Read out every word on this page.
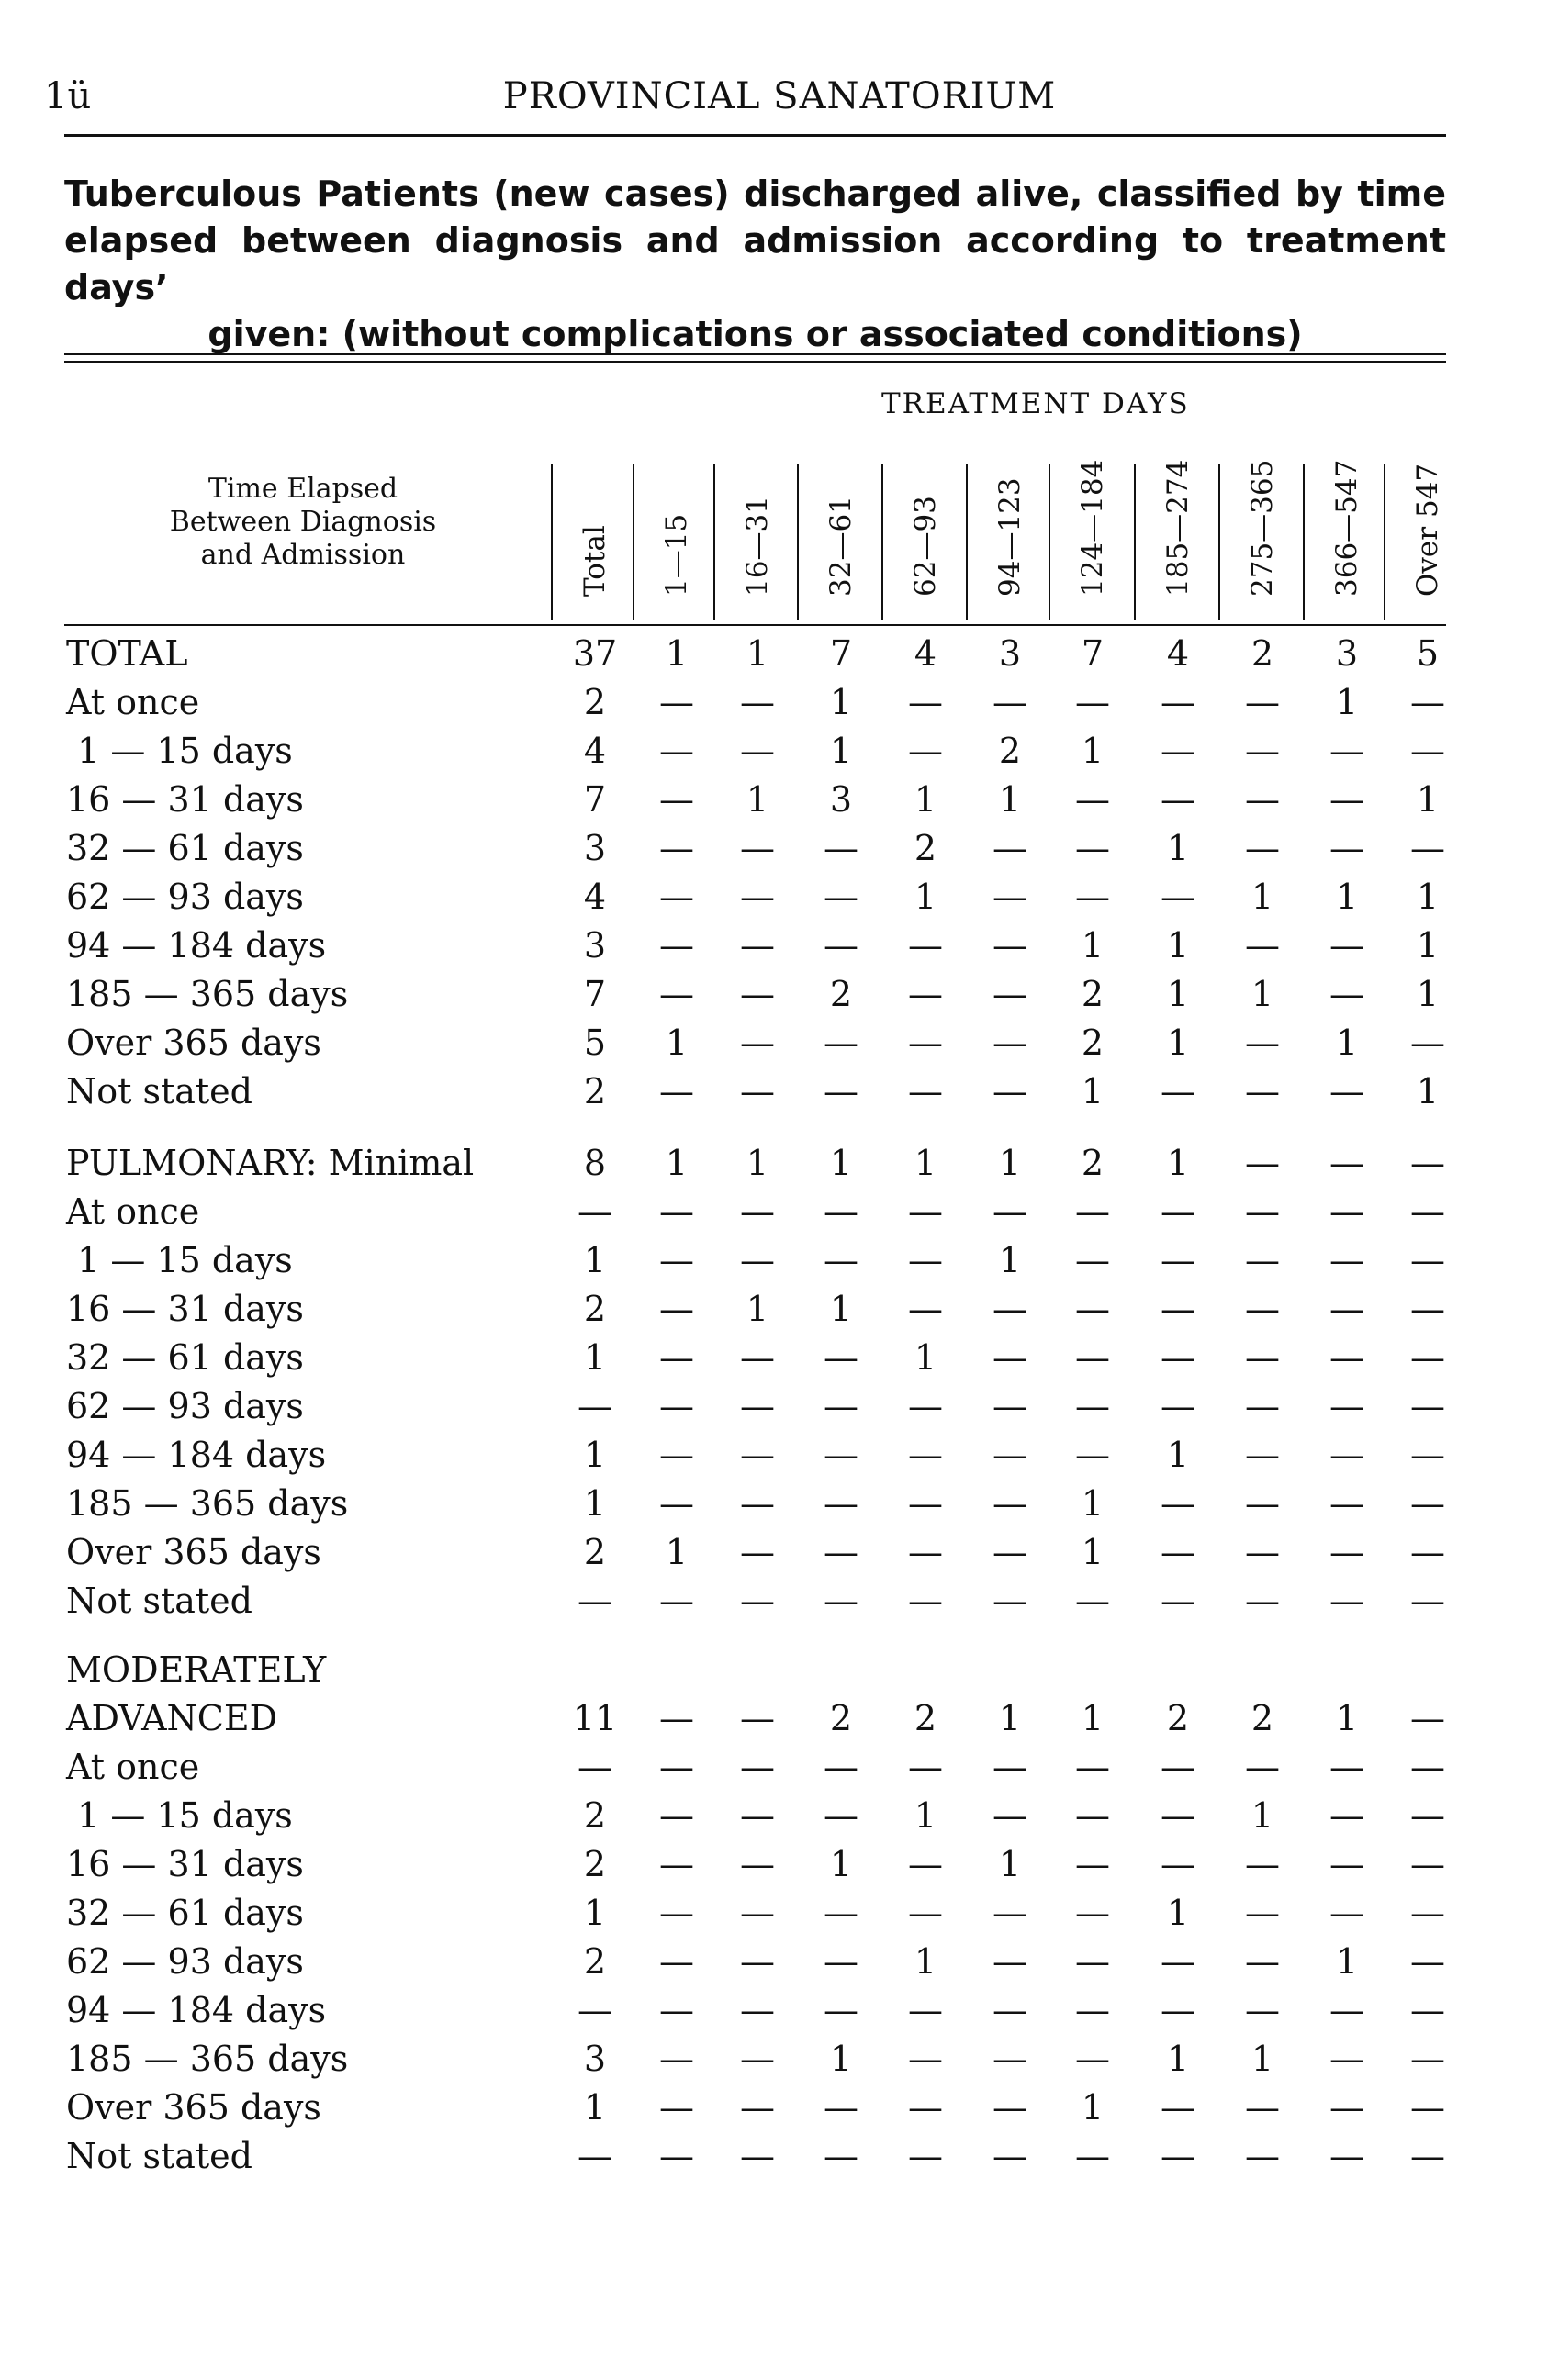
1ü	PROVINCIAL SANATORIUM
Tuberculous Patients (new cases) discharged alive, classified by time
elapsed between diagnosis and admission according to treatment days’
given: (without complications or associated conditions)
TREATMENT DAYS
Time Elapsed
Between Diagnosis
and Admission	Total 1—15 16—31 32—61 62—93 94—123 124—184 185—274 275—365 366—547 Over 547
TOTAL	37	1	1	7	4	3	7	4	2	3	5
At once	2	—	—	1	—	—	—	—	—	1	—
1 — 15 days	4	—	—	1	—	2	1	—	—	—	—
16 — 31 days	7	—	1	3	1	1	—	—	—	—	1
32 — 61 days	3	—	—	—	2	—	—	1	—	—	—
62 — 93 days	4	—	—	—	1	—	—	—	1	1	1
94 — 184 days	3	—	—	—	—	—	1	1	—	—	1
185 — 365 days	7	—	—	2	—	—	2	1	1	—	1
Over 365 days	5	1	—	—	—	—	2	1	—	1	—
Not stated	2	—	—	—	—	—	1	—	—	—	1
PULMONARY: Minimal	8	1	1	1	1	1	2	1	—	—	—
At once	—	—	—	—	—	—	—	—	—	—	—
1 — 15 days	1	—	—	—	—	1	—	—	—	—	—
16 — 31 days	2	—	1	1	—	—	—	—	—	—	—
32 — 61 days	1	—	—	—	1	—	—	—	—	—	—
62 — 93 days	—	—	—	—	—	—	—	—	—	—	—
94 — 184 days	1	—	—	—	—	—	—	1	—	—	—
185 — 365 days	1	—	—	—	—	—	1	—	—	—	—
Over 365 days	2	1	—	—	—	—	1	—	—	—	—
Not stated	—	—	—	—	—	—	—	—	—	—	—
MODERATELY
ADVANCED	11	—	—	2	2	1	1	2	2	1	—
At once	—	—	—	—	—	—	—	—	—	—	—
1 — 15 days	2	—	—	—	1	—	—	—	1	—	—
16 — 31 days	2	—	—	1	—	1	—	—	—	—	—
32 — 61 days	1	—	—	—	—	—	—	1	—	—	—
62 — 93 days	2	—	—	—	1	—	—	—	—	1	—
94 — 184 days	—	—	—	—	—	—	—	—	—	—	—
185 — 365 days	3	—	—	1	—	—	—	1	1	—	—
Over 365 days	1	—	—	—	—	—	1	—	—	—	—
Not stated	—	—	—	—	—	—	—	—	—	—	—
